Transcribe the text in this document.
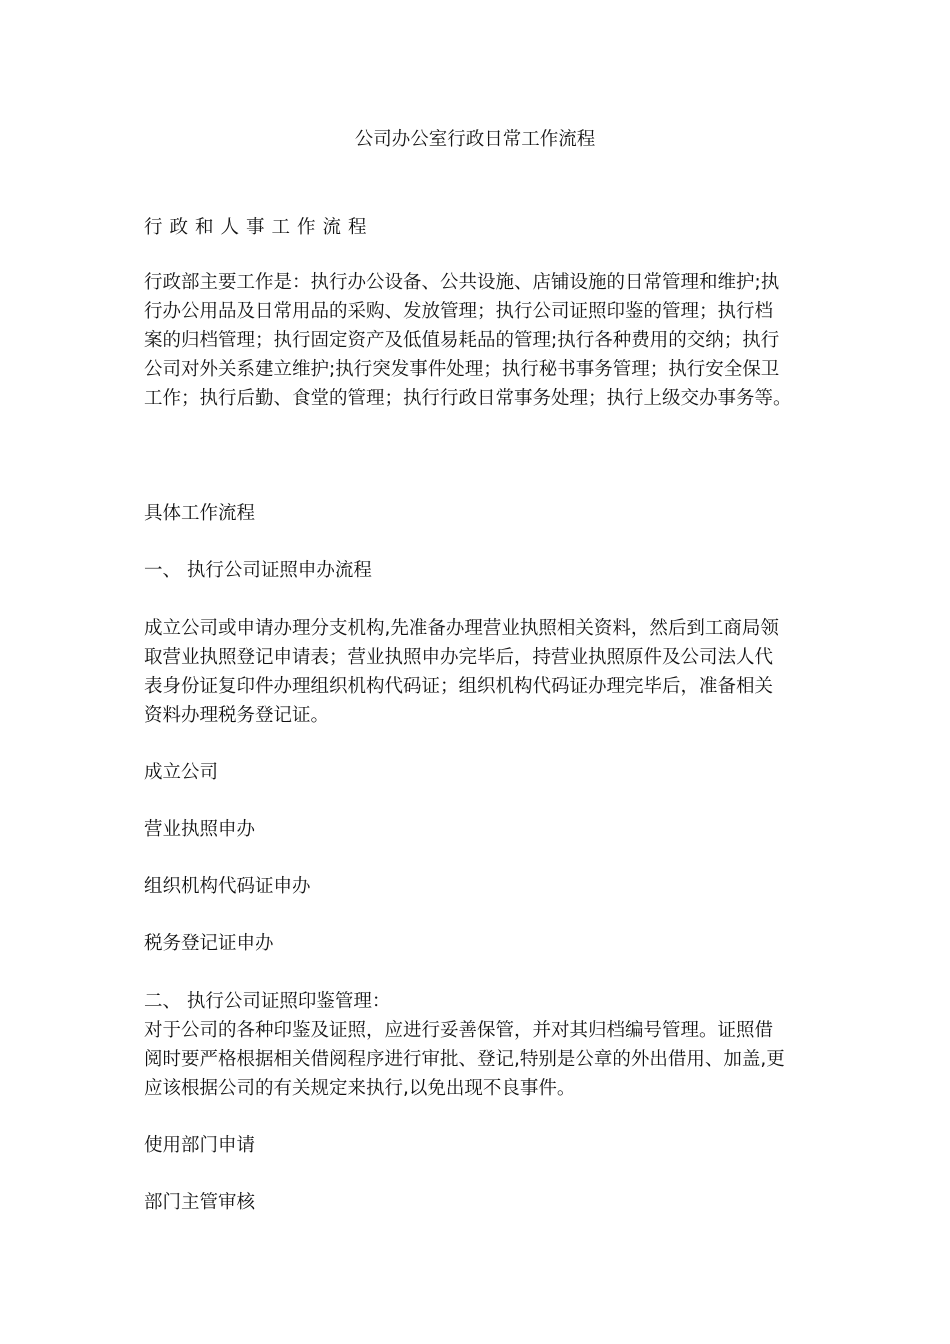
公司办公室行政日常工作流程
行政和人事工作流程
行政部主要工作是：执行办公设备、公共设施、店铺设施的日常管理和维护;执
行办公用品及日常用品的采购、发放管理；执行公司证照印鉴的管理；执行档
案的归档管理；执行固定资产及低值易耗品的管理;执行各种费用的交纳；执行
公司对外关系建立维护;执行突发事件处理；执行秘书事务管理；执行安全保卫
工作；执行后勤、食堂的管理；执行行政日常事务处理；执行上级交办事务等。
具体工作流程
一、 执行公司证照申办流程
成立公司或申请办理分支机构,先准备办理营业执照相关资料，然后到工商局领
取营业执照登记申请表；营业执照申办完毕后，持营业执照原件及公司法人代
表身份证复印件办理组织机构代码证；组织机构代码证办理完毕后，准备相关
资料办理税务登记证。
成立公司
营业执照申办
组织机构代码证申办
税务登记证申办
二、 执行公司证照印鉴管理：
对于公司的各种印鉴及证照，应进行妥善保管，并对其归档编号管理。证照借
阅时要严格根据相关借阅程序进行审批、登记,特别是公章的外出借用、加盖,更
应该根据公司的有关规定来执行,以免出现不良事件。
使用部门申请
部门主管审核
